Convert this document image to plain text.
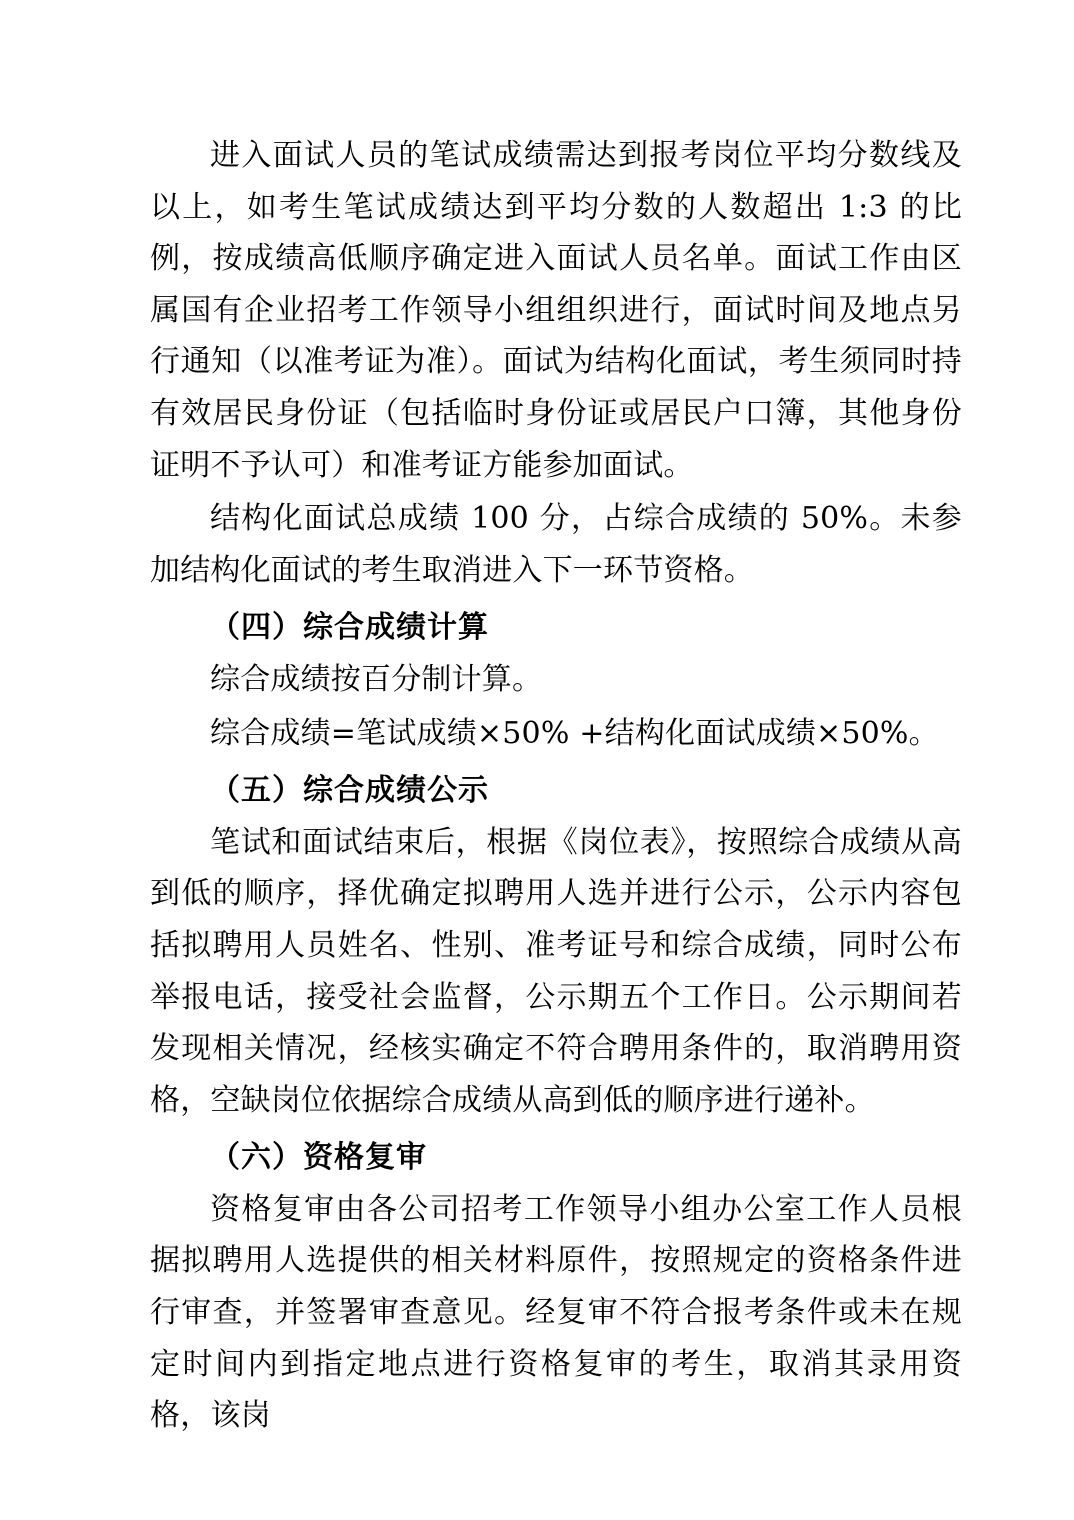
进入面试人员的笔试成绩需达到报考岗位平均分数线及以上，如考生笔试成绩达到平均分数的人数超出 1:3 的比例，按成绩高低顺序确定进入面试人员名单。面试工作由区属国有企业招考工作领导小组组织进行，面试时间及地点另行通知（以准考证为准）。面试为结构化面试，考生须同时持有效居民身份证（包括临时身份证或居民户口簿，其他身份证明不予认可）和准考证方能参加面试。

结构化面试总成绩 100 分，占综合成绩的 50%。未参加结构化面试的考生取消进入下一环节资格。

（四）综合成绩计算

综合成绩按百分制计算。

综合成绩=笔试成绩×50% +结构化面试成绩×50%。

（五）综合成绩公示

笔试和面试结束后，根据《岗位表》，按照综合成绩从高到低的顺序，择优确定拟聘用人选并进行公示，公示内容包括拟聘用人员姓名、性别、准考证号和综合成绩，同时公布举报电话，接受社会监督，公示期五个工作日。公示期间若发现相关情况，经核实确定不符合聘用条件的，取消聘用资格，空缺岗位依据综合成绩从高到低的顺序进行递补。

（六）资格复审

资格复审由各公司招考工作领导小组办公室工作人员根据拟聘用人选提供的相关材料原件，按照规定的资格条件进行审查，并签署审查意见。经复审不符合报考条件或未在规定时间内到指定地点进行资格复审的考生，取消其录用资格，该岗
